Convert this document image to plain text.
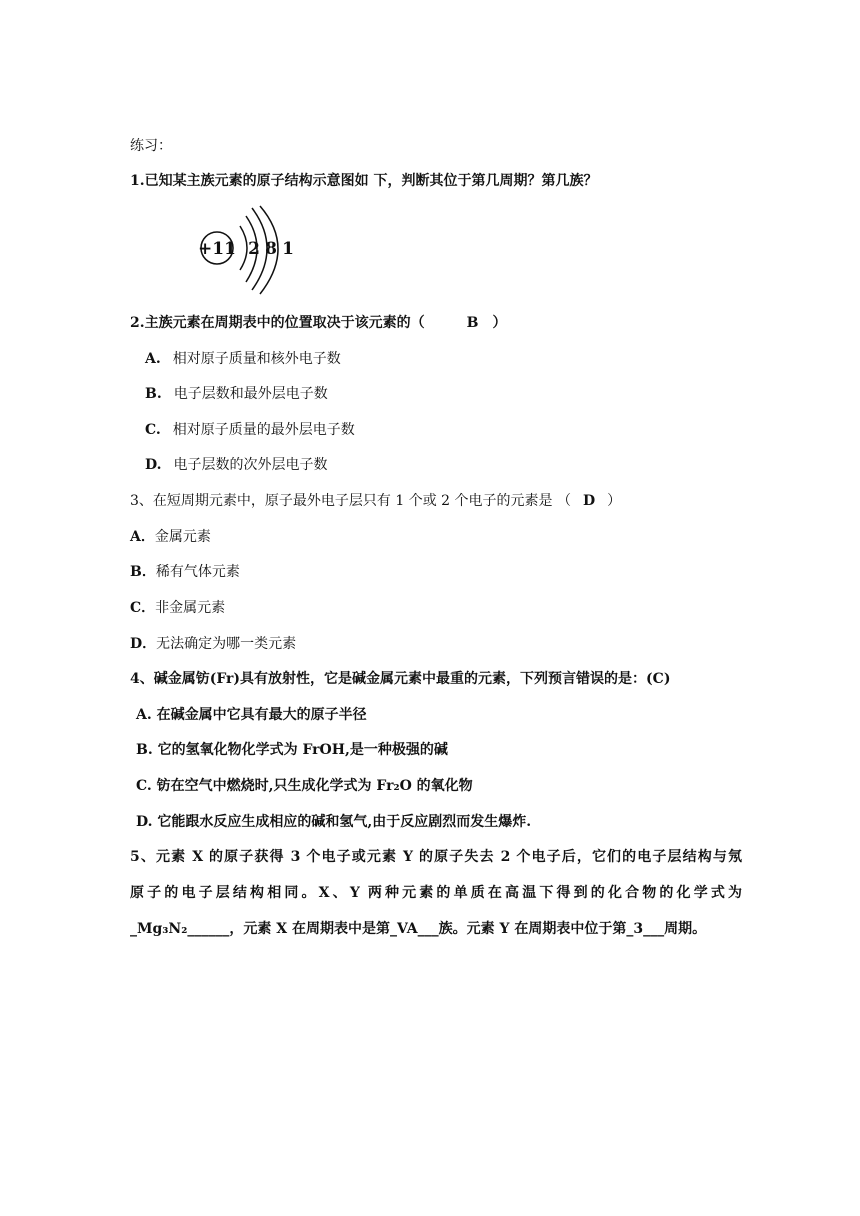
练习：
1.已知某主族元素的原子结构示意图如 下，判断其位于第几周期？第几族？
+11 2 8 1
2.主族元素在周期表中的位置取决于该元素的（	B ）
A. 相对原子质量和核外电子数
B. 电子层数和最外层电子数
C. 相对原子质量的最外层电子数
D. 电子层数的次外层电子数
3、在短周期元素中，原子最外电子层只有 1 个或 2 个电子的元素是 （ D ）
A．金属元素
B．稀有气体元素
C．非金属元素
D．无法确定为哪一类元素
4、碱金属钫(Fr)具有放射性，它是碱金属元素中最重的元素，下列预言错误的是：(C)
A. 在碱金属中它具有最大的原子半径
B. 它的氢氧化物化学式为 FrOH,是一种极强的碱
C. 钫在空气中燃烧时,只生成化学式为 Fr₂O 的氧化物
D. 它能跟水反应生成相应的碱和氢气,由于反应剧烈而发生爆炸.
5、元素 X 的原子获得 3 个电子或元素 Y 的原子失去 2 个电子后，它们的电子层结构与氖
原子的电子层结构相同。X、Y 两种元素的单质在高温下得到的化合物的化学式为
_Mg₃N₂______，元素 X 在周期表中是第_VA___族。元素 Y 在周期表中位于第_3___周期。
